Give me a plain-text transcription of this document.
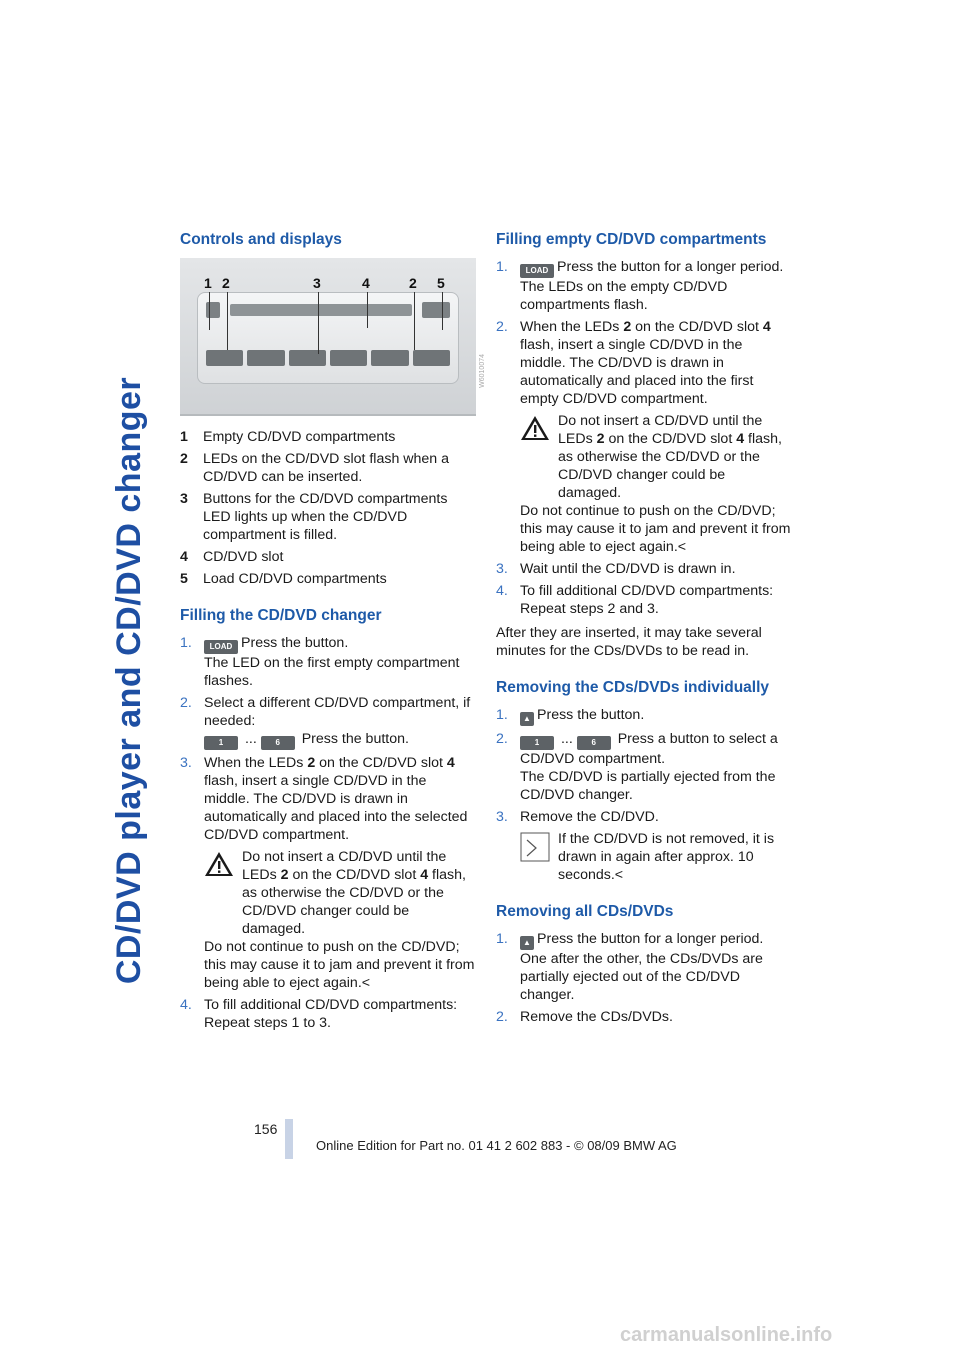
CD/DVD player and CD/DVD changer
Controls and displays
1 2	3	4	2 5
W6010074
1	Empty CD/DVD compartments
2	LEDs on the CD/DVD slot flash when a CD/DVD can be inserted.
3	Buttons for the CD/DVD compartments LED lights up when the CD/DVD compartment is filled.
4	CD/DVD slot
5	Load CD/DVD compartments
Filling the CD/DVD changer
1.	LOAD Press the button.
The LED on the first empty compartment flashes.
2. Select a different CD/DVD compartment, if needed:
1 ... 6 Press the button.
3. When the LEDs 2 on the CD/DVD slot 4 flash, insert a single CD/DVD in the middle. The CD/DVD is drawn in automatically and placed into the selected CD/DVD compartment.
Do not insert a CD/DVD until the LEDs 2 on the CD/DVD slot 4 flash, as otherwise the CD/DVD or the CD/DVD changer could be damaged.
Do not continue to push on the CD/DVD; this may cause it to jam and prevent it from being able to eject again.<
4. To fill additional CD/DVD compartments:
Repeat steps 1 to 3.
Filling empty CD/DVD compartments
1.	LOAD Press the button for a longer period.
The LEDs on the empty CD/DVD compartments flash.
2. When the LEDs 2 on the CD/DVD slot 4 flash, insert a single CD/DVD in the middle. The CD/DVD is drawn in automatically and placed into the first empty CD/DVD compartment.
Do not insert a CD/DVD until the LEDs 2 on the CD/DVD slot 4 flash, as otherwise the CD/DVD or the CD/DVD changer could be damaged.
Do not continue to push on the CD/DVD; this may cause it to jam and prevent it from being able to eject again.<
3. Wait until the CD/DVD is drawn in.
4. To fill additional CD/DVD compartments:
Repeat steps 2 and 3.
After they are inserted, it may take several minutes for the CDs/DVDs to be read in.
Removing the CDs/DVDs individually
1.	▲ Press the button.
2.	1 ... 6 Press a button to select a CD/DVD compartment.
The CD/DVD is partially ejected from the CD/DVD changer.
3. Remove the CD/DVD.
If the CD/DVD is not removed, it is drawn in again after approx. 10 seconds.<
Removing all CDs/DVDs
1.	▲ Press the button for a longer period.
One after the other, the CDs/DVDs are partially ejected out of the CD/DVD changer.
2. Remove the CDs/DVDs.
156
Online Edition for Part no. 01 41 2 602 883 - © 08/09 BMW AG
carmanualsonline.info
